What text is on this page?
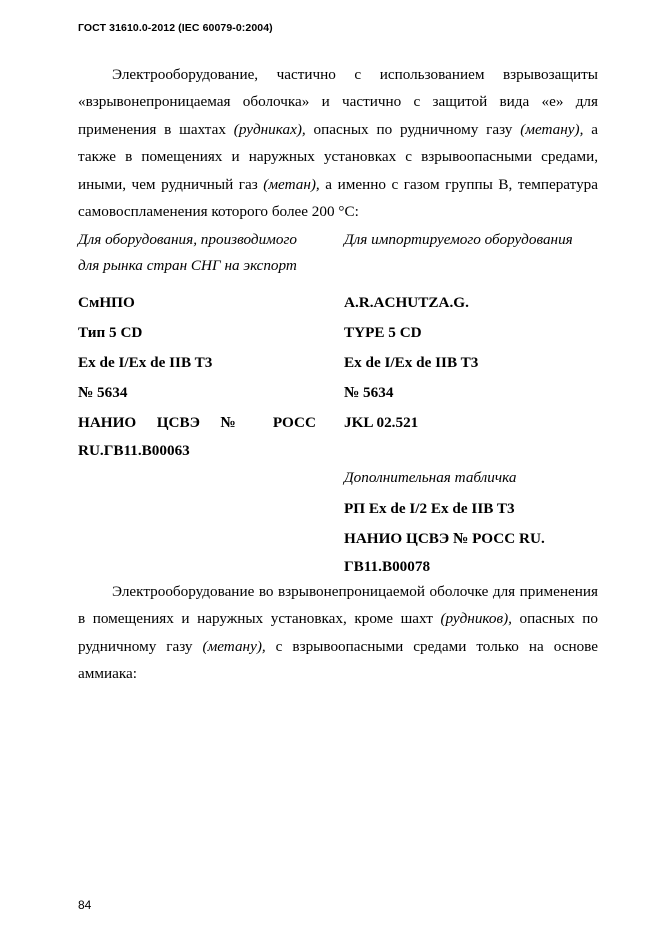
ГОСТ 31610.0-2012 (IEC 60079-0:2004)
Электрооборудование, частично с использованием взрывозащиты «взрывонепроницаемая оболочка» и частично с защитой вида «е» для применения в шахтах (рудниках), опасных по рудничному газу (метану), а также в помещениях и наружных установках с взрывоопасными средами, иными, чем рудничный газ (метан), а именно с газом группы В, температура самовоспламенения которого более 200 °С:
Для оборудования, производимого
для рынка стран СНГ на экспорт
СмНПО
Тип 5 CD
Ex de I/Ex de IIB T3
№ 5634
НАНИО ЦСВЭ № РОСС
RU.ГВ11.В00063
Для импортируемого оборудования
A.R.ACHUTZA.G.
TYPE 5 CD
Ex de I/Ex de IIB T3
№ 5634
JKL 02.521
Дополнительная табличка
РП Ex de I/2 Ex de IIB T3
НАНИО ЦСВЭ № РОСС RU.
ГВ11.В00078
Электрооборудование во взрывонепроницаемой оболочке для применения в помещениях и наружных установках, кроме шахт (рудников), опасных по рудничному газу (метану), с взрывоопасными средами только на основе аммиака:
84
